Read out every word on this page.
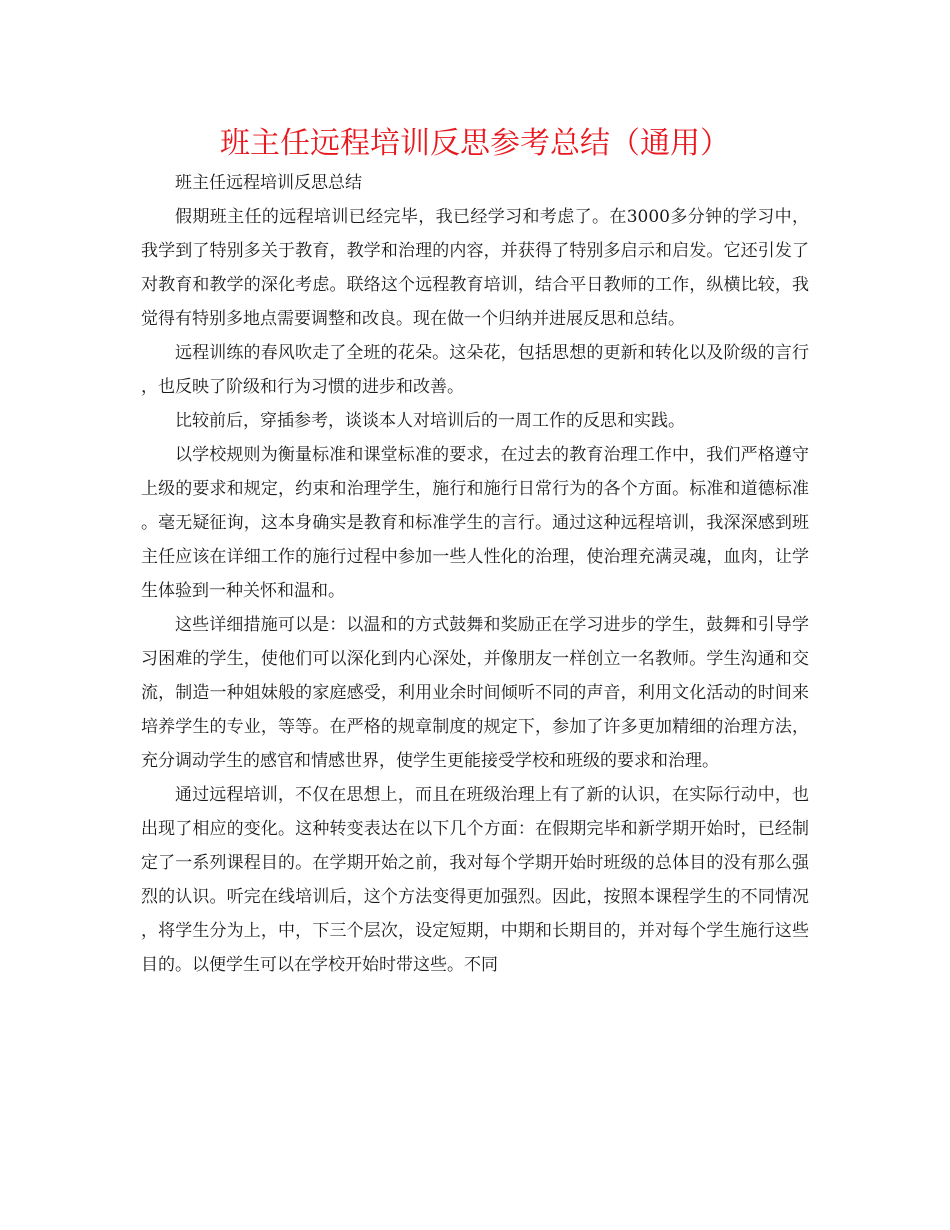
班主任远程培训反思参考总结（通用）

班主任远程培训反思总结

假期班主任的远程培训已经完毕，我已经学习和考虑了。在3000多分钟的学习中，我学到了特别多关于教育，教学和治理的内容，并获得了特别多启示和启发。它还引发了对教育和教学的深化考虑。联络这个远程教育培训，结合平日教师的工作，纵横比较，我觉得有特别多地点需要调整和改良。现在做一个归纳并进展反思和总结。

远程训练的春风吹走了全班的花朵。这朵花，包括思想的更新和转化以及阶级的言行，也反映了阶级和行为习惯的进步和改善。

比较前后，穿插参考，谈谈本人对培训后的一周工作的反思和实践。

以学校规则为衡量标准和课堂标准的要求，在过去的教育治理工作中，我们严格遵守上级的要求和规定，约束和治理学生，施行和施行日常行为的各个方面。标准和道德标准。毫无疑征询，这本身确实是教育和标准学生的言行。通过这种远程培训，我深深感到班主任应该在详细工作的施行过程中参加一些人性化的治理，使治理充满灵魂，血肉，让学生体验到一种关怀和温和。

这些详细措施可以是：以温和的方式鼓舞和奖励正在学习进步的学生，鼓舞和引导学习困难的学生，使他们可以深化到内心深处，并像朋友一样创立一名教师。学生沟通和交流，制造一种姐妹般的家庭感受，利用业余时间倾听不同的声音，利用文化活动的时间来培养学生的专业，等等。在严格的规章制度的规定下，参加了许多更加精细的治理方法，充分调动学生的感官和情感世界，使学生更能接受学校和班级的要求和治理。

通过远程培训，不仅在思想上，而且在班级治理上有了新的认识，在实际行动中，也出现了相应的变化。这种转变表达在以下几个方面：在假期完毕和新学期开始时，已经制定了一系列课程目的。在学期开始之前，我对每个学期开始时班级的总体目的没有那么强烈的认识。听完在线培训后，这个方法变得更加强烈。因此，按照本课程学生的不同情况，将学生分为上，中，下三个层次，设定短期，中期和长期目的，并对每个学生施行这些目的。以便学生可以在学校开始时带这些。不同
